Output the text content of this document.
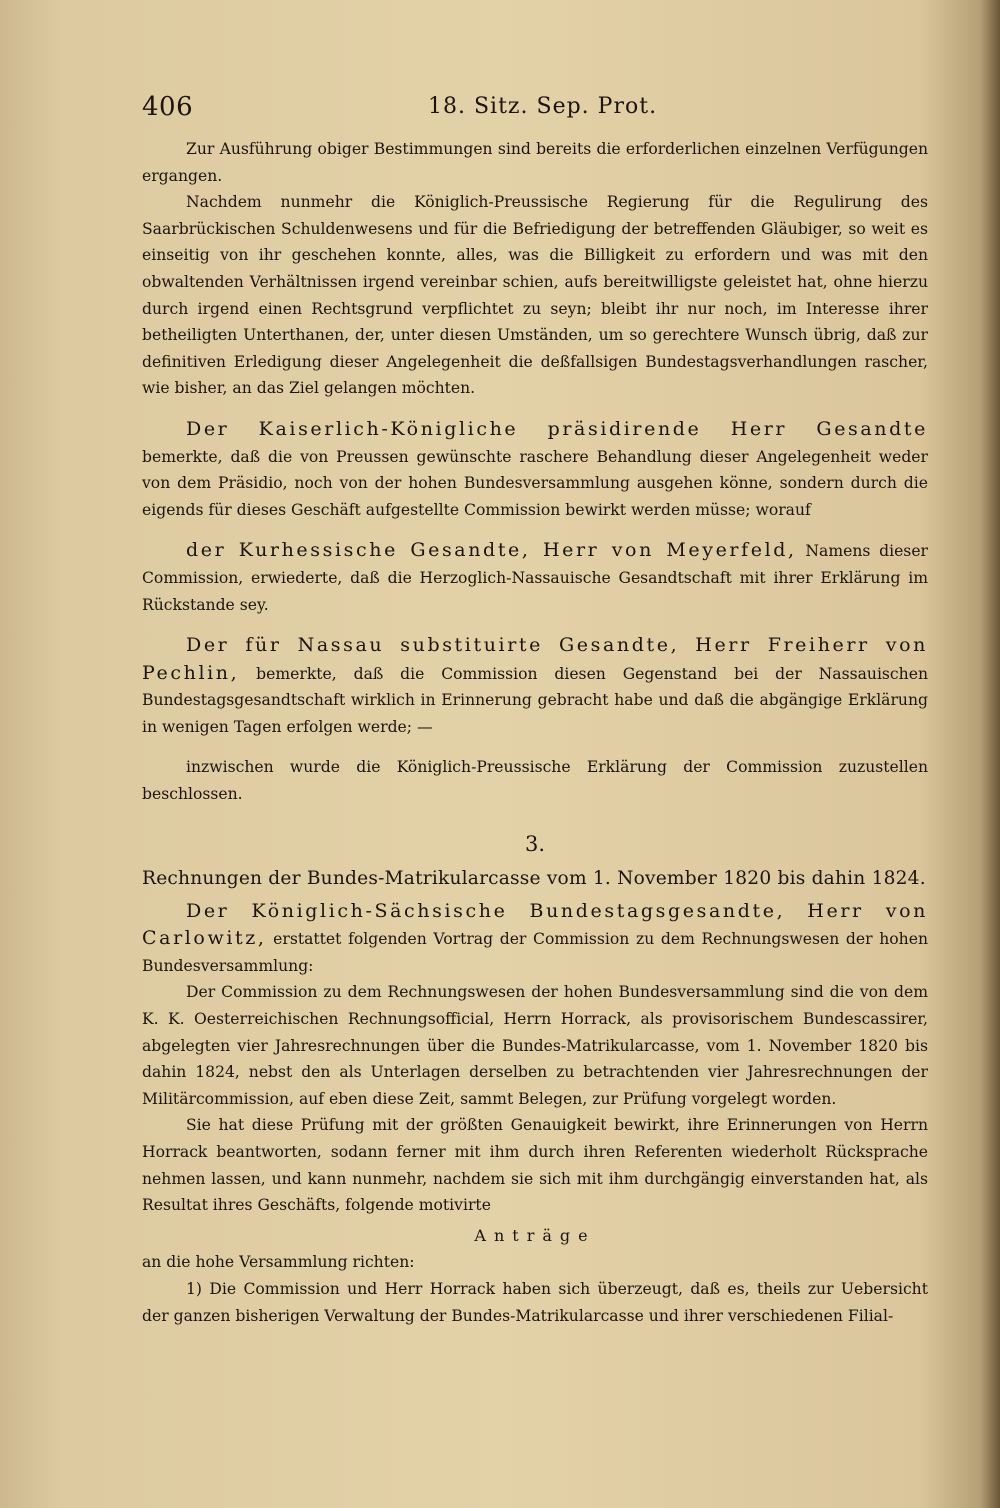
406	18. Sitz. Sep. Prot.

Zur Ausführung obiger Bestimmungen sind bereits die erforderlichen einzelnen Verfügungen ergangen.

Nachdem nunmehr die Königlich-Preussische Regierung für die Regulirung des Saarbrückischen Schuldenwesens und für die Befriedigung der betreffenden Gläubiger, so weit es einseitig von ihr geschehen konnte, alles, was die Billigkeit zu erfordern und was mit den obwaltenden Verhältnissen irgend vereinbar schien, aufs bereitwilligste geleistet hat, ohne hierzu durch irgend einen Rechtsgrund verpflichtet zu seyn; bleibt ihr nur noch, im Interesse ihrer betheiligten Unterthanen, der, unter diesen Umständen, um so gerechtere Wunsch übrig, daß zur definitiven Erledigung dieser Angelegenheit die deßfallsigen Bundestagsverhandlungen rascher, wie bisher, an das Ziel gelangen möchten.

Der Kaiserlich-Königliche präsidirende Herr Gesandte bemerkte, daß die von Preussen gewünschte raschere Behandlung dieser Angelegenheit weder von dem Präsidio, noch von der hohen Bundesversammlung ausgehen könne, sondern durch die eigends für dieses Geschäft aufgestellte Commission bewirkt werden müsse; worauf

der Kurhessische Gesandte, Herr von Meyerfeld, Namens dieser Commission, erwiederte, daß die Herzoglich-Nassauische Gesandtschaft mit ihrer Erklärung im Rückstande sey.

Der für Nassau substituirte Gesandte, Herr Freiherr von Pechlin, bemerkte, daß die Commission diesen Gegenstand bei der Nassauischen Bundestagsgesandtschaft wirklich in Erinnerung gebracht habe und daß die abgängige Erklärung in wenigen Tagen erfolgen werde; —

inzwischen wurde die Königlich-Preussische Erklärung der Commission zuzustellen beschlossen.

3.
Rechnungen der Bundes-Matrikularcasse vom 1. November 1820 bis dahin 1824.

Der Königlich-Sächsische Bundestagsgesandte, Herr von Carlowitz, erstattet folgenden Vortrag der Commission zu dem Rechnungswesen der hohen Bundesversammlung:

Der Commission zu dem Rechnungswesen der hohen Bundesversammlung sind die von dem K. K. Oesterreichischen Rechnungsofficial, Herrn Horrack, als provisorischem Bundescassirer, abgelegten vier Jahresrechnungen über die Bundes-Matrikularcasse, vom 1. November 1820 bis dahin 1824, nebst den als Unterlagen derselben zu betrachtenden vier Jahresrechnungen der Militärcommission, auf eben diese Zeit, sammt Belegen, zur Prüfung vorgelegt worden.

Sie hat diese Prüfung mit der größten Genauigkeit bewirkt, ihre Erinnerungen von Herrn Horrack beantworten, sodann ferner mit ihm durch ihren Referenten wiederholt Rücksprache nehmen lassen, und kann nunmehr, nachdem sie sich mit ihm durchgängig einverstanden hat, als Resultat ihres Geschäfts, folgende motivirte

Anträge

an die hohe Versammlung richten:

1) Die Commission und Herr Horrack haben sich überzeugt, daß es, theils zur Uebersicht der ganzen bisherigen Verwaltung der Bundes-Matrikularcasse und ihrer verschiedenen Filial-
